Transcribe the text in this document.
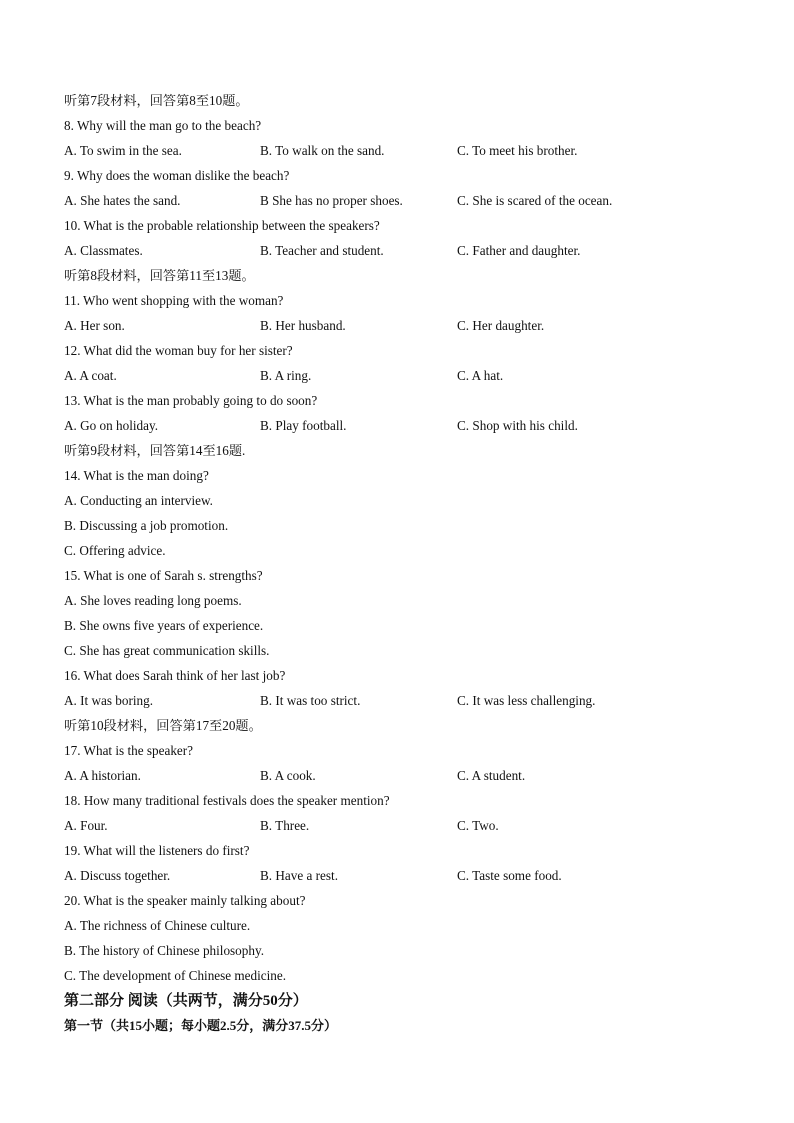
听第7段材料，回答第8至10题。
8. Why will the man go to the beach?
A. To swim in the sea.	B. To walk on the sand.	C. To meet his brother.
9. Why does the woman dislike the beach?
A. She hates the sand.	B She has no proper shoes.	C. She is scared of the ocean.
10. What is the probable relationship between the speakers?
A. Classmates.	B. Teacher and student.	C. Father and daughter.
听第8段材料，回答第11至13题。
11. Who went shopping with the woman?
A. Her son.	B. Her husband.	C. Her daughter.
12. What did the woman buy for her sister?
A. A coat.	B. A ring.	C. A hat.
13. What is the man probably going to do soon?
A. Go on holiday.	B. Play football.	C. Shop with his child.
听第9段材料，回答第14至16题.
14. What is the man doing?
A. Conducting an interview.
B. Discussing a job promotion.
C. Offering advice.
15. What is one of Sarah s. strengths?
A. She loves reading long poems.
B. She owns five years of experience.
C. She has great communication skills.
16. What does Sarah think of her last job?
A. It was boring.	B. It was too strict.	C. It was less challenging.
听第10段材料，回答第17至20题。
17. What is the speaker?
A. A historian.	B. A cook.	C. A student.
18. How many traditional festivals does the speaker mention?
A. Four.	B. Three.	C. Two.
19. What will the listeners do first?
A. Discuss together.	B. Have a rest.	C. Taste some food.
20. What is the speaker mainly talking about?
A. The richness of Chinese culture.
B. The history of Chinese philosophy.
C. The development of Chinese medicine.
第二部分 阅读（共两节，满分50分）
第一节（共15小题；每小题2.5分，满分37.5分）
